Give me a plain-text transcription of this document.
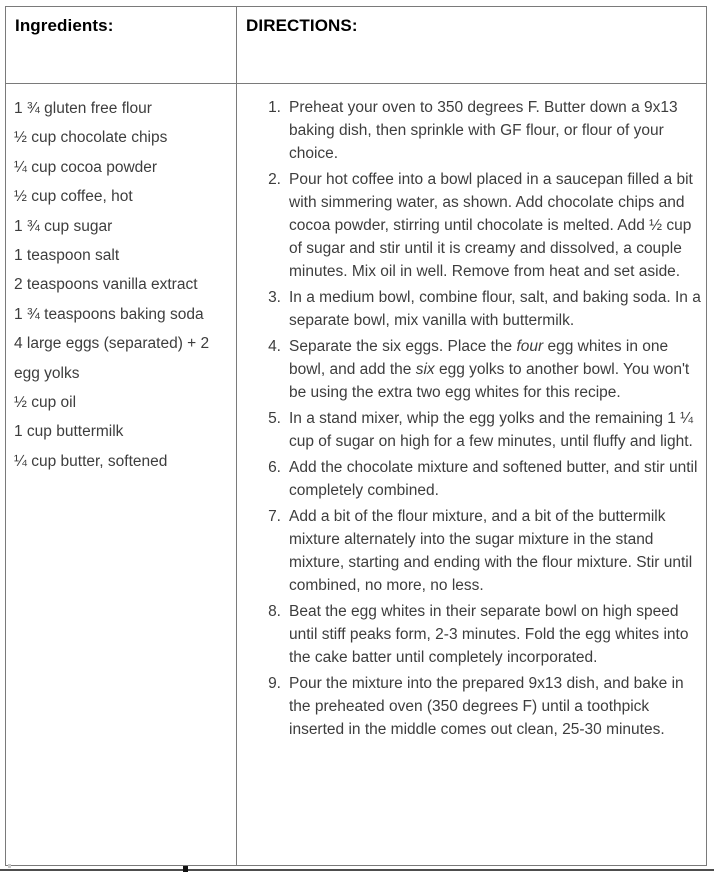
Ingredients:	DIRECTIONS:

1 ¾ gluten free flour

½ cup chocolate chips

¼ cup cocoa powder

½ cup coffee, hot

1 ¾ cup sugar

1 teaspoon salt

2 teaspoons vanilla extract

1 ¾ teaspoons baking soda

4 large eggs (separated) + 2 egg yolks

½ cup oil

1 cup buttermilk

¼ cup butter, softened

1. Preheat your oven to 350 degrees F. Butter down a 9x13 baking dish, then sprinkle with GF flour, or flour of your choice.
2. Pour hot coffee into a bowl placed in a saucepan filled a bit with simmering water, as shown. Add chocolate chips and cocoa powder, stirring until chocolate is melted. Add ½ cup of sugar and stir until it is creamy and dissolved, a couple minutes. Mix oil in well. Remove from heat and set aside.
3. In a medium bowl, combine flour, salt, and baking soda. In a separate bowl, mix vanilla with buttermilk.
4. Separate the six eggs. Place the four egg whites in one bowl, and add the six egg yolks to another bowl. You won't be using the extra two egg whites for this recipe.
5. In a stand mixer, whip the egg yolks and the remaining 1 ¼ cup of sugar on high for a few minutes, until fluffy and light.
6. Add the chocolate mixture and softened butter, and stir until completely combined.
7. Add a bit of the flour mixture, and a bit of the buttermilk mixture alternately into the sugar mixture in the stand mixture, starting and ending with the flour mixture. Stir until combined, no more, no less.
8. Beat the egg whites in their separate bowl on high speed until stiff peaks form, 2-3 minutes. Fold the egg whites into the cake batter until completely incorporated.
9. Pour the mixture into the prepared 9x13 dish, and bake in the preheated oven (350 degrees F) until a toothpick inserted in the middle comes out clean, 25-30 minutes.
